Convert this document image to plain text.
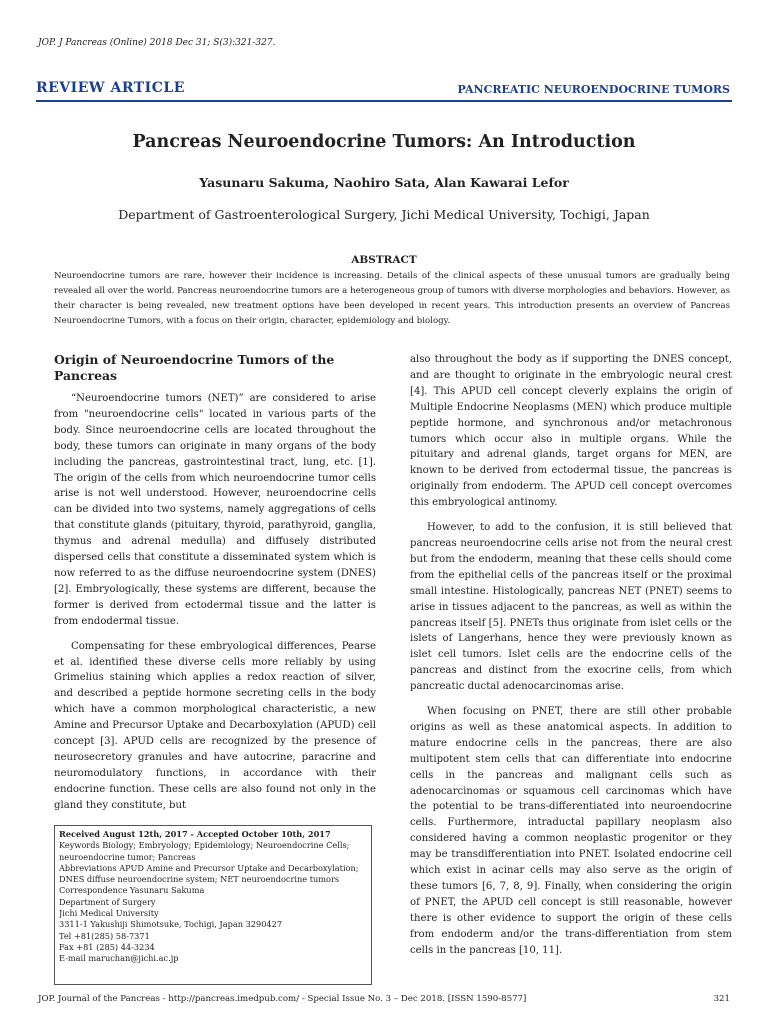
JOP. J Pancreas (Online) 2018 Dec 31; S(3):321-327.
REVIEW ARTICLE	PANCREATIC NEUROENDOCRINE TUMORS
Pancreas Neuroendocrine Tumors: An Introduction
Yasunaru Sakuma, Naohiro Sata, Alan Kawarai Lefor
Department of Gastroenterological Surgery, Jichi Medical University, Tochigi, Japan
ABSTRACT
Neuroendocrine tumors are rare, however their incidence is increasing. Details of the clinical aspects of these unusual tumors are gradually being revealed all over the world. Pancreas neuroendocrine tumors are a heterogeneous group of tumors with diverse morphologies and behaviors. However, as their character is being revealed, new treatment options have been developed in recent years. This introduction presents an overview of Pancreas Neuroendocrine Tumors, with a focus on their origin, character, epidemiology and biology.
Origin of Neuroendocrine Tumors of the Pancreas

“Neuroendocrine tumors (NET)” are considered to arise from "neuroendocrine cells" located in various parts of the body. Since neuroendocrine cells are located throughout the body, these tumors can originate in many organs of the body including the pancreas, gastrointestinal tract, lung, etc. [1]. The origin of the cells from which neuroendocrine tumor cells arise is not well understood. However, neuroendocrine cells can be divided into two systems, namely aggregations of cells that constitute glands (pituitary, thyroid, parathyroid, ganglia, thymus and adrenal medulla) and diffusely distributed dispersed cells that constitute a disseminated system which is now referred to as the diffuse neuroendocrine system (DNES) [2]. Embryologically, these systems are different, because the former is derived from ectodermal tissue and the latter is from endodermal tissue.

Compensating for these embryological differences, Pearse et al. identified these diverse cells more reliably by using Grimelius staining which applies a redox reaction of silver, and described a peptide hormone secreting cells in the body which have a common morphological characteristic, a new Amine and Precursor Uptake and Decarboxylation (APUD) cell concept [3]. APUD cells are recognized by the presence of neurosecretory granules and have autocrine, paracrine and neuromodulatory functions, in accordance with their endocrine function. These cells are also found not only in the gland they constitute, but

Received August 12th, 2017 - Accepted October 10th, 2017
Keywords Biology; Embryology; Epidemiology; Neuroendocrine Cells; neuroendocrine tumor; Pancreas
Abbreviations APUD Amine and Precursor Uptake and Decarboxylation;
DNES diffuse neuroendocrine system; NET neuroendocrine tumors
Correspondence Yasunaru Sakuma
Department of Surgery
Jichi Medical University
3311-1 Yakushiji Shimotsuke, Tochigi, Japan 3290427
Tel +81(285) 58-7371
Fax +81 (285) 44-3234
E-mail maruchan@jichi.ac.jp

also throughout the body as if supporting the DNES concept, and are thought to originate in the embryologic neural crest [4]. This APUD cell concept cleverly explains the origin of Multiple Endocrine Neoplasms (MEN) which produce multiple peptide hormone, and synchronous and/or metachronous tumors which occur also in multiple organs. While the pituitary and adrenal glands, target organs for MEN, are known to be derived from ectodermal tissue, the pancreas is originally from endoderm. The APUD cell concept overcomes this embryological antinomy.

However, to add to the confusion, it is still believed that pancreas neuroendocrine cells arise not from the neural crest but from the endoderm, meaning that these cells should come from the epithelial cells of the pancreas itself or the proximal small intestine. Histologically, pancreas NET (PNET) seems to arise in tissues adjacent to the pancreas, as well as within the pancreas itself [5]. PNETs thus originate from islet cells or the islets of Langerhans, hence they were previously known as islet cell tumors. Islet cells are the endocrine cells of the pancreas and distinct from the exocrine cells, from which pancreatic ductal adenocarcinomas arise.

When focusing on PNET, there are still other probable origins as well as these anatomical aspects. In addition to mature endocrine cells in the pancreas, there are also multipotent stem cells that can differentiate into endocrine cells in the pancreas and malignant cells such as adenocarcinomas or squamous cell carcinomas which have the potential to be trans-differentiated into neuroendocrine cells. Furthermore, intraductal papillary neoplasm also considered having a common neoplastic progenitor or they may be transdifferentiation into PNET. Isolated endocrine cell which exist in acinar cells may also serve as the origin of these tumors [6, 7, 8, 9]. Finally, when considering the origin of PNET, the APUD cell concept is still reasonable, however there is other evidence to support the origin of these cells from endoderm and/or the trans-differentiation from stem cells in the pancreas [10, 11].

JOP. Journal of the Pancreas - http://pancreas.imedpub.com/ - Special Issue No. 3 – Dec 2018. [ISSN 1590-8577]	321
